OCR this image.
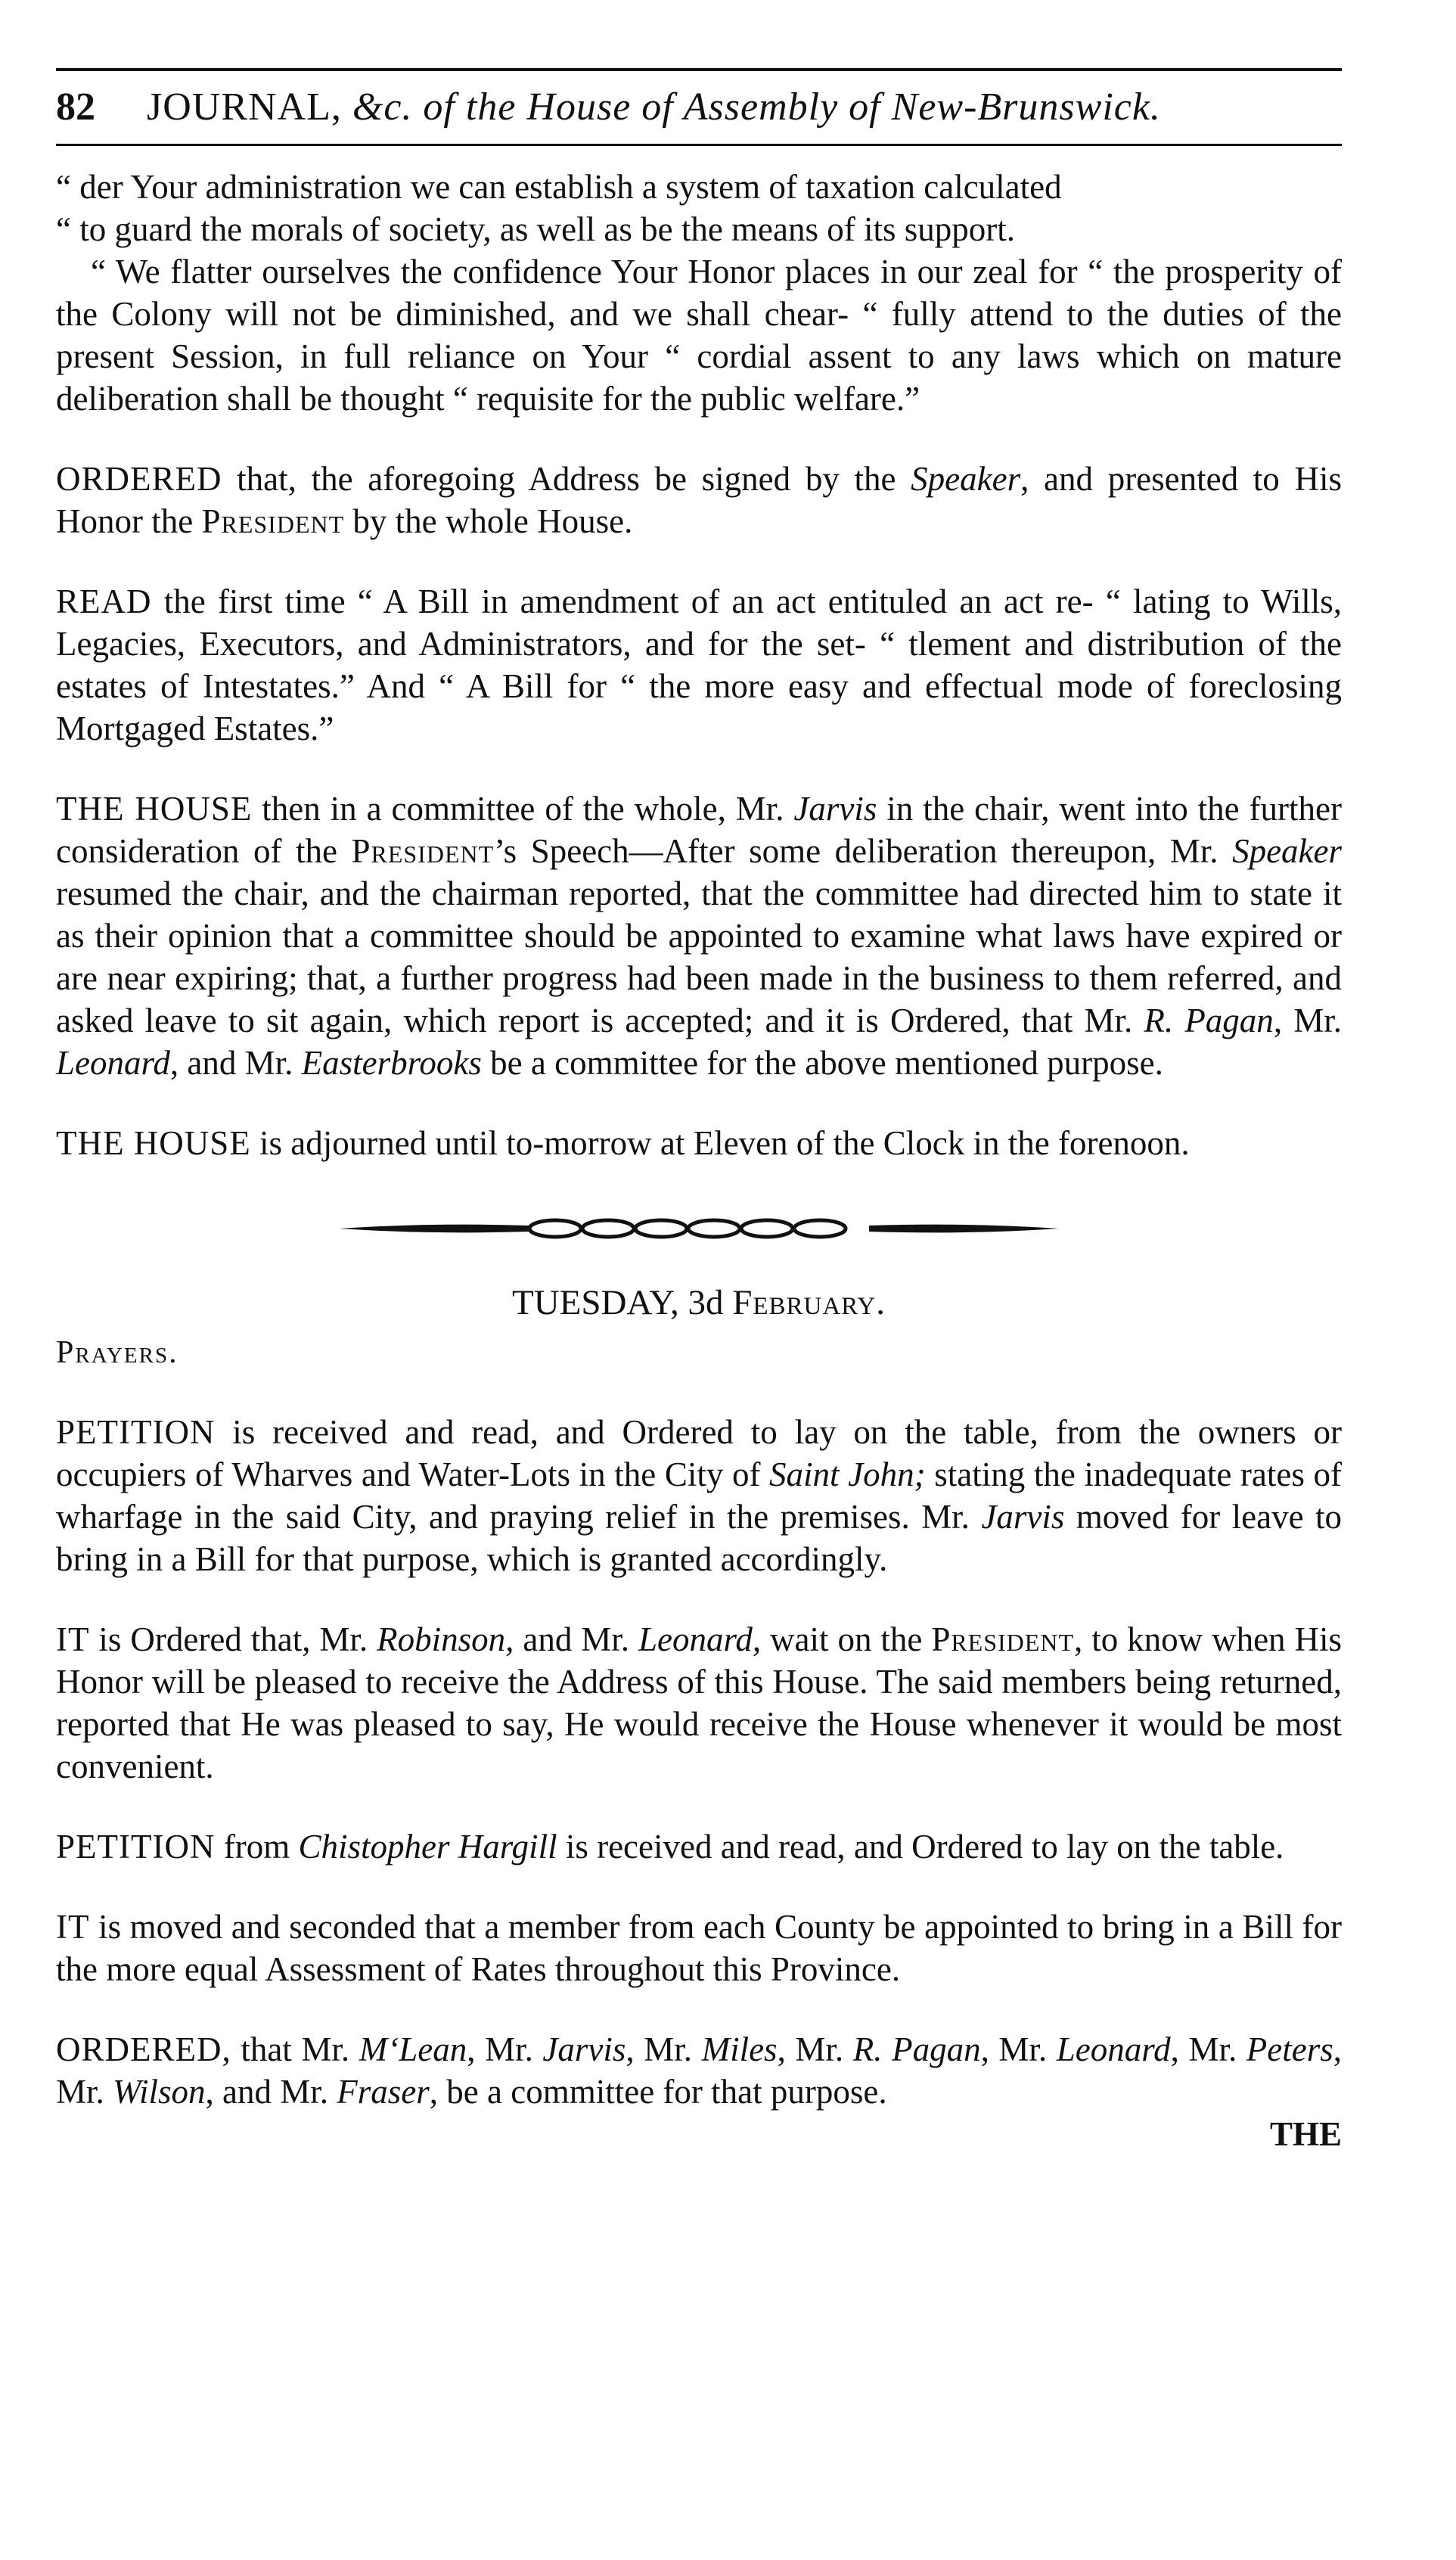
82	JOURNAL, &c. of the House of Assembly of New-Brunswick.

“ der Your administration we can establish a system of taxation calculated

“ to guard the morals of society, as well as be the means of its support.

“ We flatter ourselves the confidence Your Honor places in our zeal for “ the prosperity of the Colony will not be diminished, and we shall chear- “ fully attend to the duties of the present Session, in full reliance on Your “ cordial assent to any laws which on mature deliberation shall be thought “ requisite for the public welfare.”

ORDERED that, the aforegoing Address be signed by the Speaker, and presented to His Honor the President by the whole House.

READ the first time “ A Bill in amendment of an act entituled an act re- “ lating to Wills, Legacies, Executors, and Administrators, and for the set- “ tlement and distribution of the estates of Intestates.” And “ A Bill for “ the more easy and effectual mode of foreclosing Mortgaged Estates.”

THE HOUSE then in a committee of the whole, Mr. Jarvis in the chair, went into the further consideration of the President’s Speech—After some deliberation thereupon, Mr. Speaker resumed the chair, and the chairman reported, that the committee had directed him to state it as their opinion that a committee should be appointed to examine what laws have expired or are near expiring; that, a further progress had been made in the business to them referred, and asked leave to sit again, which report is accepted; and it is Ordered, that Mr. R. Pagan, Mr. Leonard, and Mr. Easterbrooks be a committee for the above mentioned purpose.

THE HOUSE is adjourned until to-morrow at Eleven of the Clock in the forenoon.

TUESDAY, 3d February.
Prayers.

PETITION is received and read, and Ordered to lay on the table, from the owners or occupiers of Wharves and Water-Lots in the City of Saint John; stating the inadequate rates of wharfage in the said City, and praying relief in the premises. Mr. Jarvis moved for leave to bring in a Bill for that purpose, which is granted accordingly.

IT is Ordered that, Mr. Robinson, and Mr. Leonard, wait on the President, to know when His Honor will be pleased to receive the Address of this House. The said members being returned, reported that He was pleased to say, He would receive the House whenever it would be most convenient.

PETITION from Chistopher Hargill is received and read, and Ordered to lay on the table.

IT is moved and seconded that a member from each County be appointed to bring in a Bill for the more equal Assessment of Rates throughout this Province.

ORDERED, that Mr. M‘Lean, Mr. Jarvis, Mr. Miles, Mr. R. Pagan, Mr. Leonard, Mr. Peters, Mr. Wilson, and Mr. Fraser, be a committee for that purpose.

THE
